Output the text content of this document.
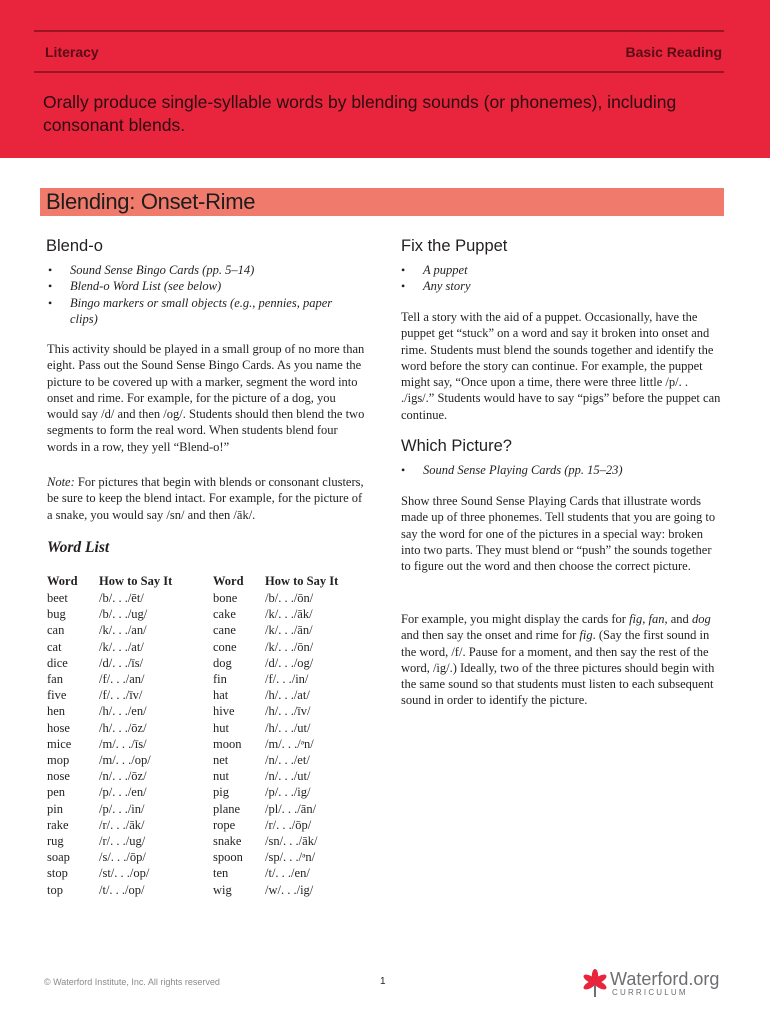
Literacy	Basic Reading
Orally produce single-syllable words by blending sounds (or phonemes), including consonant blends.
Blending: Onset-Rime
Blend-o
• Sound Sense Bingo Cards (pp. 5–14)
• Blend-o Word List (see below)
• Bingo markers or small objects (e.g., pennies, paper clips)
This activity should be played in a small group of no more than eight. Pass out the Sound Sense Bingo Cards. As you name the picture to be covered up with a marker, segment the word into onset and rime. For example, for the picture of a dog, you would say /d/ and then /og/. Students should then blend the two segments to form the real word. When students blend four words in a row, they yell “Blend-o!”
Note: For pictures that begin with blends or consonant clusters, be sure to keep the blend intact. For example, for the picture of a snake, you would say /sn/ and then /āk/.
Word List
Word	How to Say It	Word	How to Say It
beet	/b/. . ./ēt/	bone	/b/. . ./ōn/
bug	/b/. . ./ug/	cake	/k/. . ./āk/
can	/k/. . ./an/	cane	/k/. . ./ān/
cat	/k/. . ./at/	cone	/k/. . ./ōn/
dice	/d/. . ./īs/	dog	/d/. . ./og/
fan	/f/. . ./an/	fin	/f/. . ./in/
five	/f/. . ./īv/	hat	/h/. . ./at/
hen	/h/. . ./en/	hive	/h/. . ./īv/
hose	/h/. . ./ōz/	hut	/h/. . ./ut/
mice	/m/. . ./īs/	moon	/m/. . ./ᵊn/
mop	/m/. . ./op/	net	/n/. . ./et/
nose	/n/. . ./ōz/	nut	/n/. . ./ut/
pen	/p/. . ./en/	pig	/p/. . ./ig/
pin	/p/. . ./in/	plane	/pl/. . ./ān/
rake	/r/. . ./āk/	rope	/r/. . ./ōp/
rug	/r/. . ./ug/	snake	/sn/. . ./āk/
soap	/s/. . ./ōp/	spoon	/sp/. . ./ᵊn/
stop	/st/. . ./op/	ten	/t/. . ./en/
top	/t/. . ./op/	wig	/w/. . ./ig/
Fix the Puppet
• A puppet
• Any story
Tell a story with the aid of a puppet. Occasionally, have the puppet get “stuck” on a word and say it broken into onset and rime. Students must blend the sounds together and identify the word before the story can continue. For example, the puppet might say, “Once upon a time, there were three little /p/. . ./igs/.” Students would have to say “pigs” before the puppet can continue.
Which Picture?
• Sound Sense Playing Cards (pp. 15–23)
Show three Sound Sense Playing Cards that illustrate words made up of three phonemes. Tell students that you are going to say the word for one of the pictures in a special way: broken into two parts. They must blend or “push” the sounds together to figure out the word and then choose the correct picture.
For example, you might display the cards for fig, fan, and dog and then say the onset and rime for fig. (Say the first sound in the word, /f/. Pause for a moment, and then say the rest of the word, /ig/.) Ideally, two of the three pictures should begin with the same sound so that students must listen to each subsequent sound in order to identify the picture.
© Waterford Institute, Inc. All rights reserved	1	Waterford.org
CURRICULUM
